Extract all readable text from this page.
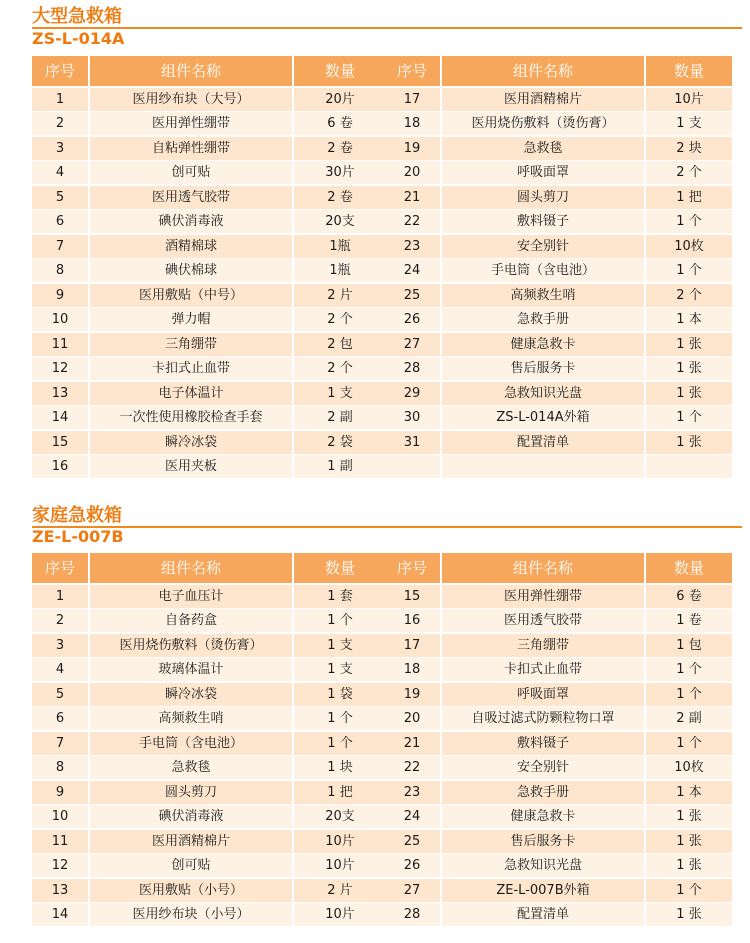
大型急救箱
ZS-L-014A
序号	组件名称	数量
1	医用纱布块（大号）	20片
2	医用弹性绷带	6 卷
3	自粘弹性绷带	2 卷
4	创可贴	30片
5	医用透气胶带	2 卷
6	碘伏消毒液	20支
7	酒精棉球	1瓶
8	碘伏棉球	1瓶
9	医用敷贴（中号）	2 片
10	弹力帽	2 个
11	三角绷带	2 包
12	卡扣式止血带	2 个
13	电子体温计	1 支
14	一次性使用橡胶检查手套	2 副
15	瞬冷冰袋	2 袋
16	医用夹板	1 副
序号	组件名称	数量
17	医用酒精棉片	10片
18	医用烧伤敷料（烫伤膏）	1 支
19	急救毯	2 块
20	呼吸面罩	2 个
21	圆头剪刀	1 把
22	敷料镊子	1 个
23	安全别针	10枚
24	手电筒（含电池）	1 个
25	高频救生哨	2 个
26	急救手册	1 本
27	健康急救卡	1 张
28	售后服务卡	1 张
29	急救知识光盘	1 张
30	ZS-L-014A外箱	1 个
31	配置清单	1 张
家庭急救箱
ZE-L-007B
序号	组件名称	数量
1	电子血压计	1 套
2	自备药盒	1 个
3	医用烧伤敷料（烫伤膏）	1 支
4	玻璃体温计	1 支
5	瞬冷冰袋	1 袋
6	高频救生哨	1 个
7	手电筒（含电池）	1 个
8	急救毯	1 块
9	圆头剪刀	1 把
10	碘伏消毒液	20支
11	医用酒精棉片	10片
12	创可贴	10片
13	医用敷贴（小号）	2 片
14	医用纱布块（小号）	10片
序号	组件名称	数量
15	医用弹性绷带	6 卷
16	医用透气胶带	1 卷
17	三角绷带	1 包
18	卡扣式止血带	1 个
19	呼吸面罩	1 个
20	自吸过滤式防颗粒物口罩	2 副
21	敷料镊子	1 个
22	安全别针	10枚
23	急救手册	1 本
24	健康急救卡	1 张
25	售后服务卡	1 张
26	急救知识光盘	1 张
27	ZE-L-007B外箱	1 个
28	配置清单	1 张
